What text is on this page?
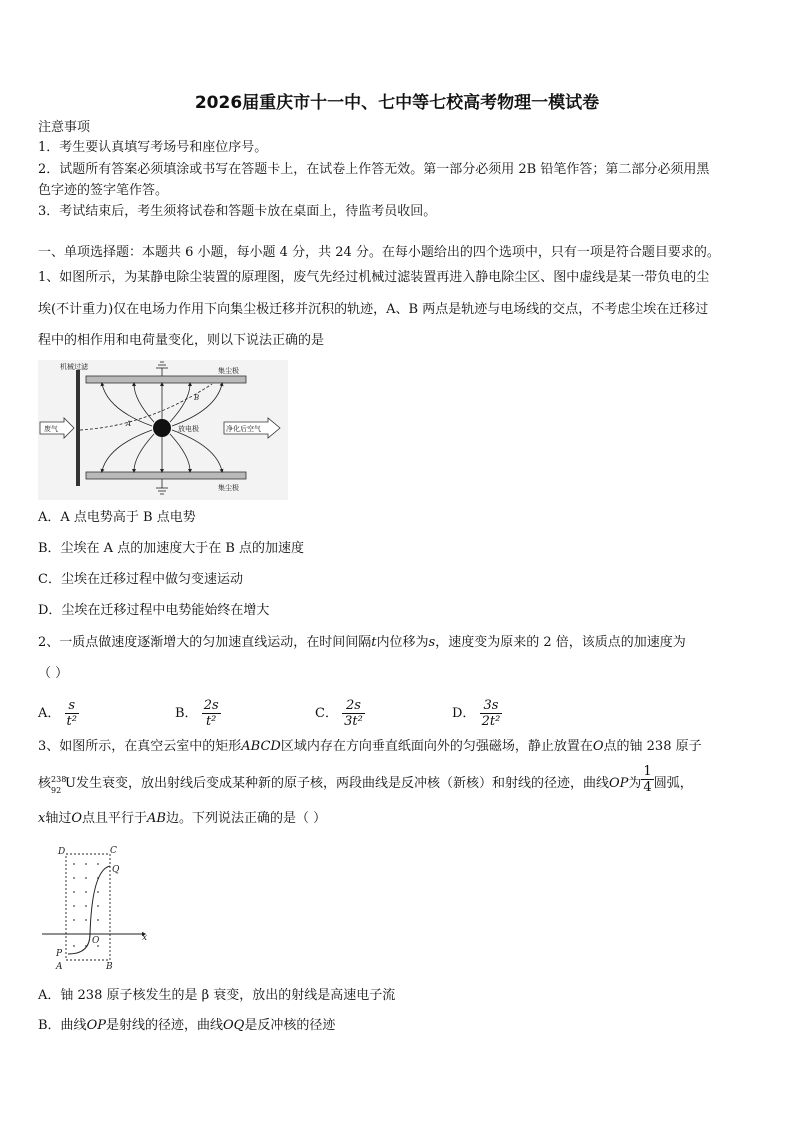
2026届重庆市十一中、七中等七校高考物理一模试卷
注意事项
1．考生要认真填写考场号和座位序号。
2．试题所有答案必须填涂或书写在答题卡上，在试卷上作答无效。第一部分必须用 2B 铅笔作答；第二部分必须用黑
色字迹的签字笔作答。
3．考试结束后，考生须将试卷和答题卡放在桌面上，待监考员收回。
一、单项选择题：本题共 6 小题，每小题 4 分，共 24 分。在每小题给出的四个选项中，只有一项是符合题目要求的。
1、如图所示，为某静电除尘装置的原理图，废气先经过机械过滤装置再进入静电除尘区、图中虚线是某一带负电的尘
埃(不计重力)仅在电场力作用下向集尘极迁移并沉积的轨迹，A、B 两点是轨迹与电场线的交点，不考虑尘埃在迁移过
程中的相作用和电荷量变化，则以下说法正确的是
机械过滤	集尘极
集尘极
放电极
A
B
废气	净化后空气
A．A 点电势高于 B 点电势
B．尘埃在 A 点的加速度大于在 B 点的加速度
C．尘埃在迁移过程中做匀变速运动
D．尘埃在迁移过程中电势能始终在增大
2、一质点做速度逐渐增大的匀加速直线运动，在时间间隔t内位移为s，速度变为原来的 2 倍，该质点的加速度为
（ ）
A． $\frac{s}{\text{t²}}$	B． $\frac{2s}{\text{t²}}$	C． $\frac{2s}{\text{3t²}}$	D． $\frac{3s}{\text{2t²}}$
3、如图所示，在真空云室中的矩形ABCD区域内存在方向垂直纸面向外的匀强磁场，静止放置在O点的铀 238 原子
核 238
92 U发生衰变，放出射线后变成某种新的原子核，两段曲线是反冲核（新核）和射线的径迹，曲线OP为 $\frac{1}{4}$ 圆弧，
x轴过O点且平行于AB边。下列说法正确的是（ ）
D	C
Q
O	x
P
A	B
A．铀 238 原子核发生的是 β 衰变，放出的射线是高速电子流
B．曲线OP是射线的径迹，曲线OQ是反冲核的径迹
